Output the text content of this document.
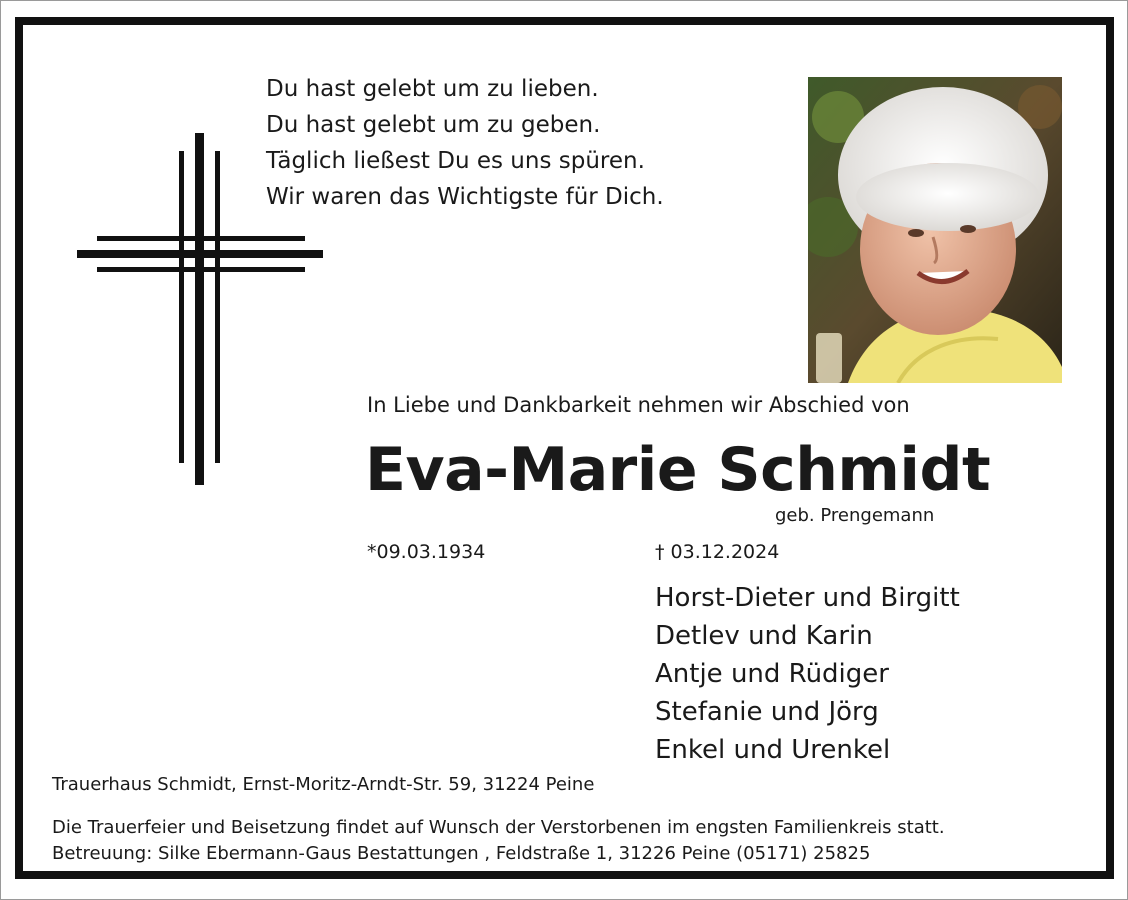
Du hast gelebt um zu lieben.
Du hast gelebt um zu geben.
Täglich ließest Du es uns spüren.
Wir waren das Wichtigste für Dich.
In Liebe und Dankbarkeit nehmen wir Abschied von
Eva-Marie Schmidt
geb. Prengemann
*09.03.1934	† 03.12.2024
Horst-Dieter und Birgitt
Detlev und Karin
Antje und Rüdiger
Stefanie und Jörg
Enkel und Urenkel
Trauerhaus Schmidt, Ernst-Moritz-Arndt-Str. 59, 31224 Peine
Die Trauerfeier und Beisetzung findet auf Wunsch der Verstorbenen im engsten Familienkreis statt.
Betreuung: Silke Ebermann-Gaus Bestattungen , Feldstraße 1, 31226 Peine (05171) 25825
